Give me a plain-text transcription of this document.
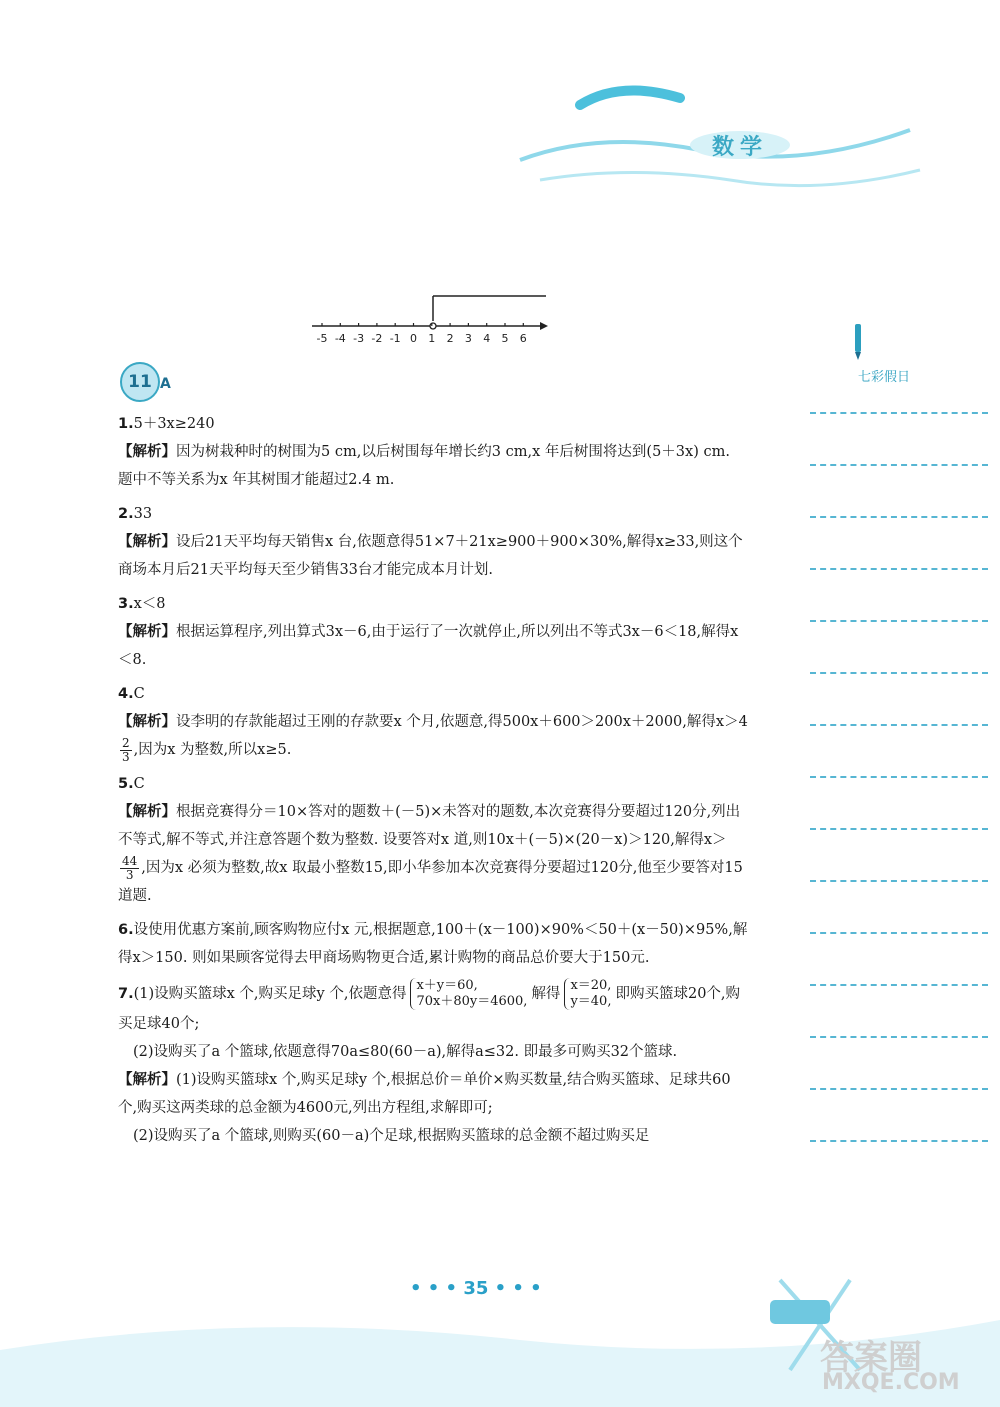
数学
七彩假日
-5 -4 -3 -2 -1 0 1 2 3 4 5 6
11 A

1.5＋3x≥240

【解析】因为树栽种时的树围为5 cm,以后树围每年增长约3 cm,x 年后树围将达到(5＋3x) cm. 题中不等关系为x 年其树围才能超过2.4 m.

2.33

【解析】设后21天平均每天销售x 台,依题意得51×7＋21x≥900＋900×30%,解得x≥33,则这个商场本月后21天平均每天至少销售33台才能完成本月计划.

3.x＜8

【解析】根据运算程序,列出算式3x－6,由于运行了一次就停止,所以列出不等式3x－6＜18,解得x＜8.

4.C

【解析】设李明的存款能超过王刚的存款要x 个月,依题意,得500x＋600＞200x＋2000,解得x＞4
$\frac{2}{3}$ ,因为x 为整数,所以x≥5.

5.C

【解析】根据竞赛得分＝10×答对的题数＋(－5)×未答对的题数,本次竞赛得分要超过120分,列出不等式,解不等式,并注意答题个数为整数. 设要答对x 道,则10x＋(－5)×(20－x)＞120,解得x＞
$\frac{44}{3}$ ,因为x 必须为整数,故x 取最小整数15,即小华参加本次竞赛得分要超过120分,他至少要答对15道题.

6.设使用优惠方案前,顾客购物应付x 元,根据题意,100＋(x－100)×90%＜50＋(x－50)×95%,解得x＞150. 则如果顾客觉得去甲商场购物更合适,累计购物的商品总价要大于150元.

7.(1)设购买篮球x 个,购买足球y 个,依题意得
x＋y＝60,
70x＋80y＝4600, 解得
x＝20,
y＝40, 即购买篮球20个,购买足球40个;

(2)设购买了a 个篮球,依题意得70a≤80(60－a),解得a≤32. 即最多可购买32个篮球.

【解析】(1)设购买篮球x 个,购买足球y 个,根据总价＝单价×购买数量,结合购买篮球、足球共60个,购买这两类球的总金额为4600元,列出方程组,求解即可;

(2)设购买了a 个篮球,则购买(60－a)个足球,根据购买篮球的总金额不超过购买足

• • • 35 • • •
答案圈
MXQE.COM
